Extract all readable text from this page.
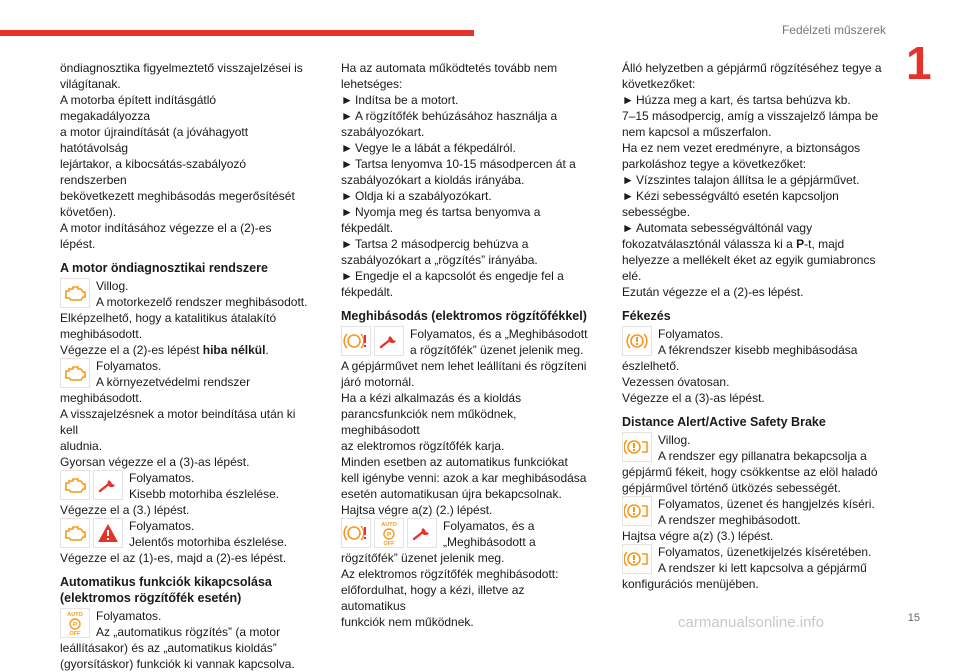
Fedélzeti műszerek
1
15
carmanualsonline.info

öndiagnosztika figyelmeztető visszajelzései is
világítanak.
A motorba épített indításgátló megakadályozza
a motor újraindítását (a jóváhagyott hatótávolság
lejártakor, a kibocsátás-szabályozó rendszerben
bekövetkezett meghibásodás megerősítését
követően).
A motor indításához végezze el a (2)-es lépést.

A motor öndiagnosztikai rendszere

Villog.
A motorkezelő rendszer meghibásodott.

Elképzelhető, hogy a katalitikus átalakító
meghibásodott.

Végezze el a (2)-es lépést hiba nélkül.

Folyamatos.
A környezetvédelmi rendszer

meghibásodott.
A visszajelzésnek a motor beindítása után ki kell
aludnia.
Gyorsan végezze el a (3)-as lépést.

Folyamatos.
Kisebb motorhiba észlelése.

Végezze el a (3.) lépést.

Folyamatos.
Jelentős motorhiba észlelése.

Végezze el az (1)-es, majd a (2)-es lépést.

Automatikus funkciók kikapcsolása
(elektromos rögzítőfék esetén)
AUTO
P
OFF

Folyamatos.
Az „automatikus rögzítés” (a motor

leállításakor) és az „automatikus kioldás”
(gyorsításkor) funkciók ki vannak kapcsolva.

Ha az automata működtetés tovább nem
lehetséges:

► Indítsa be a motort.
► A rögzítőfék behúzásához használja a
szabályozókart.
► Vegye le a lábát a fékpedálról.
► Tartsa lenyomva 10-15 másodpercen át a
szabályozókart a kioldás irányába.
► Oldja ki a szabályozókart.
► Nyomja meg és tartsa benyomva a fékpedált.
► Tartsa 2 másodpercig behúzva a
szabályozókart a „rögzítés” irányába.
► Engedje el a kapcsolót és engedje fel a
fékpedált.

Meghibásodás (elektromos rögzítőfékkel)

Folyamatos, és a „Meghibásodott
a rögzítőfék” üzenet jelenik meg.

A gépjárművet nem lehet leállítani és rögzíteni
járó motornál.
Ha a kézi alkalmazás és a kioldás
parancsfunkciók nem működnek, meghibásodott
az elektromos rögzítőfék karja.
Minden esetben az automatikus funkciókat
kell igénybe venni: azok a kar meghibásodása
esetén automatikusan újra bekapcsolnak.
Hajtsa végre a(z) (2.) lépést.

AUTO
P
OFF

Folyamatos, és a
„Meghibásodott a

rögzítőfék” üzenet jelenik meg.
Az elektromos rögzítőfék meghibásodott:
előfordulhat, hogy a kézi, illetve az automatikus
funkciók nem működnek.

Álló helyzetben a gépjármű rögzítéséhez tegye a
következőket:

► Húzza meg a kart, és tartsa behúzva kb.

7–15 másodpercig, amíg a visszajelző lámpa be
nem kapcsol a műszerfalon.
Ha ez nem vezet eredményre, a biztonságos
parkoláshoz tegye a következőket:

► Vízszintes talajon állítsa le a gépjárművet.

► Kézi sebességváltó esetén kapcsoljon

sebességbe.

► Automata sebességváltónál vagy

fokozatválasztónál válassza ki a P-t, majd

helyezze a mellékelt éket az egyik gumiabroncs
elé.
Ezután végezze el a (2)-es lépést.

Fékezés

Folyamatos.
A fékrendszer kisebb meghibásodása

észlelhető.
Vezessen óvatosan.
Végezze el a (3)-as lépést.

Distance Alert/Active Safety Brake

Villog.
A rendszer egy pillanatra bekapcsolja a

gépjármű fékeit, hogy csökkentse az elöl haladó
gépjárművel történő ütközés sebességét.

Folyamatos, üzenet és hangjelzés kíséri.
A rendszer meghibásodott.

Hajtsa végre a(z) (3.) lépést.

Folyamatos, üzenetkijelzés kíséretében.
A rendszer ki lett kapcsolva a gépjármű

konfigurációs menüjében.
